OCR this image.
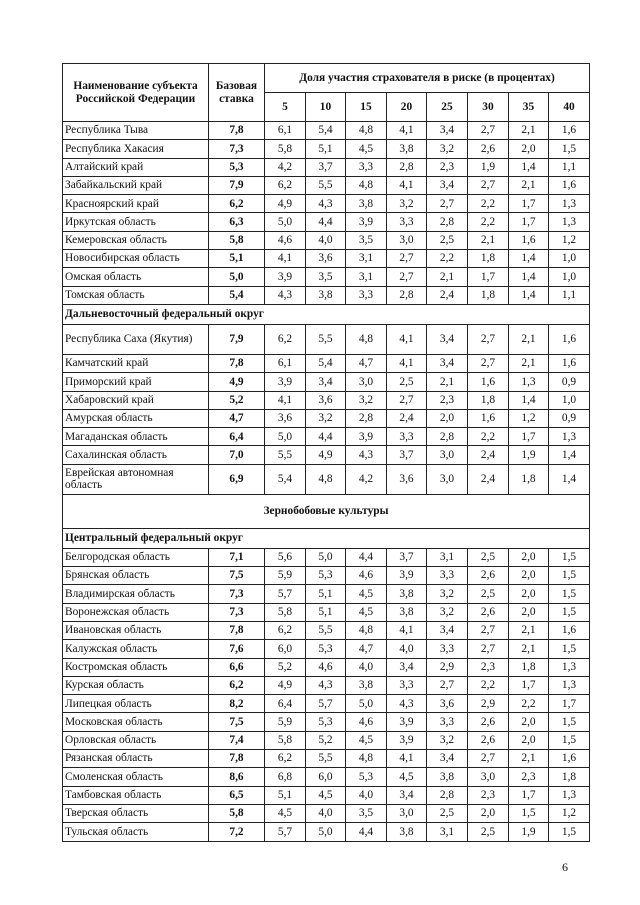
Наименование субъекта Российской Федерации	Базовая ставка	Доля участия страхователя в риске (в процентах)							
		5	10	15	20	25	30	35	40
Республика Тыва	7,8	6,1	5,4	4,8	4,1	3,4	2,7	2,1	1,6
Республика Хакасия	7,3	5,8	5,1	4,5	3,8	3,2	2,6	2,0	1,5
Алтайский край	5,3	4,2	3,7	3,3	2,8	2,3	1,9	1,4	1,1
Забайкальский край	7,9	6,2	5,5	4,8	4,1	3,4	2,7	2,1	1,6
Красноярский край	6,2	4,9	4,3	3,8	3,2	2,7	2,2	1,7	1,3
Иркутская область	6,3	5,0	4,4	3,9	3,3	2,8	2,2	1,7	1,3
Кемеровская область	5,8	4,6	4,0	3,5	3,0	2,5	2,1	1,6	1,2
Новосибирская область	5,1	4,1	3,6	3,1	2,7	2,2	1,8	1,4	1,0
Омская область	5,0	3,9	3,5	3,1	2,7	2,1	1,7	1,4	1,0
Томская область	5,4	4,3	3,8	3,3	2,8	2,4	1,8	1,4	1,1
Дальневосточный федеральный округ									
Республика Саха (Якутия)	7,9	6,2	5,5	4,8	4,1	3,4	2,7	2,1	1,6
Камчатский край	7,8	6,1	5,4	4,7	4,1	3,4	2,7	2,1	1,6
Приморский край	4,9	3,9	3,4	3,0	2,5	2,1	1,6	1,3	0,9
Хабаровский край	5,2	4,1	3,6	3,2	2,7	2,3	1,8	1,4	1,0
Амурская область	4,7	3,6	3,2	2,8	2,4	2,0	1,6	1,2	0,9
Магаданская область	6,4	5,0	4,4	3,9	3,3	2,8	2,2	1,7	1,3
Сахалинская область	7,0	5,5	4,9	4,3	3,7	3,0	2,4	1,9	1,4
Еврейская автономная область	6,9	5,4	4,8	4,2	3,6	3,0	2,4	1,8	1,4
Зернобобовые культуры									
Центральный федеральный округ									
Белгородская область	7,1	5,6	5,0	4,4	3,7	3,1	2,5	2,0	1,5
Брянская область	7,5	5,9	5,3	4,6	3,9	3,3	2,6	2,0	1,5
Владимирская область	7,3	5,7	5,1	4,5	3,8	3,2	2,5	2,0	1,5
Воронежская область	7,3	5,8	5,1	4,5	3,8	3,2	2,6	2,0	1,5
Ивановская область	7,8	6,2	5,5	4,8	4,1	3,4	2,7	2,1	1,6
Калужская область	7,6	6,0	5,3	4,7	4,0	3,3	2,7	2,1	1,5
Костромская область	6,6	5,2	4,6	4,0	3,4	2,9	2,3	1,8	1,3
Курская область	6,2	4,9	4,3	3,8	3,3	2,7	2,2	1,7	1,3
Липецкая область	8,2	6,4	5,7	5,0	4,3	3,6	2,9	2,2	1,7
Московская область	7,5	5,9	5,3	4,6	3,9	3,3	2,6	2,0	1,5
Орловская область	7,4	5,8	5,2	4,5	3,9	3,2	2,6	2,0	1,5
Рязанская область	7,8	6,2	5,5	4,8	4,1	3,4	2,7	2,1	1,6
Смоленская область	8,6	6,8	6,0	5,3	4,5	3,8	3,0	2,3	1,8
Тамбовская область	6,5	5,1	4,5	4,0	3,4	2,8	2,3	1,7	1,3
Тверская область	5,8	4,5	4,0	3,5	3,0	2,5	2,0	1,5	1,2
Тульская область	7,2	5,7	5,0	4,4	3,8	3,1	2,5	1,9	1,5
6
